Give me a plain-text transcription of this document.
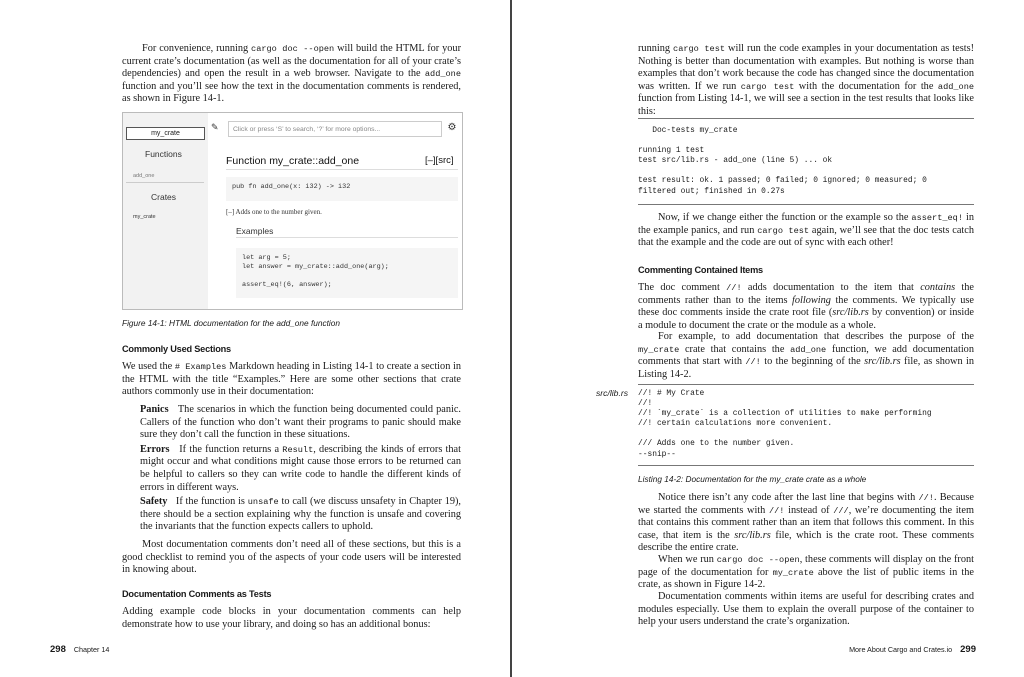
For convenience, running cargo doc --open will build the HTML for your current crate’s documentation (as well as the documentation for all of your crate’s dependencies) and open the result in a web browser. Navigate to the add_one function and you’ll see how the text in the documentation comments is rendered, as shown in Figure 14-1.

my_crate
Functions
add_one
Crates
my_crate
✎	Click or press ‘S’ to search, ‘?’ for more options...	⚙
Function my_crate::add_one	[–][src]
pub fn add_one(x: i32) -> i32
[–] Adds one to the number given.
Examples
let arg = 5;
let answer = my_crate::add_one(arg);

assert_eq!(6, answer);
Figure 14-1: HTML documentation for the add_one function
Commonly Used Sections

We used the # Examples Markdown heading in Listing 14-1 to create a section in the HTML with the title “Examples.” Here are some other sections that crate authors commonly use in their documentation:

Panics The scenarios in which the function being documented could panic. Callers of the function who don’t want their programs to panic should make sure they don’t call the function in these situations.

Errors If the function returns a Result, describing the kinds of errors that might occur and what conditions might cause those errors to be returned can be helpful to callers so they can write code to handle the different kinds of errors in different ways.

Safety If the function is unsafe to call (we discuss unsafety in Chapter 19), there should be a section explaining why the function is unsafe and covering the invariants that the function expects callers to uphold.

Most documentation comments don’t need all of these sections, but this is a good checklist to remind you of the aspects of your code users will be interested in knowing about.

Documentation Comments as Tests

Adding example code blocks in your documentation comments can help demonstrate how to use your library, and doing so has an additional bonus:

298 Chapter 14

running cargo test will run the code examples in your documentation as tests! Nothing is better than documentation with examples. But nothing is worse than examples that don’t work because the code has changed since the documentation was written. If we run cargo test with the documentation for the add_one function from Listing 14-1, we will see a section in the test results that looks like this:

Doc-tests my_crate

running 1 test
test src/lib.rs - add_one (line 5) ... ok

test result: ok. 1 passed; 0 failed; 0 ignored; 0 measured; 0
filtered out; finished in 0.27s

Now, if we change either the function or the example so the assert_eq! in the example panics, and run cargo test again, we’ll see that the doc tests catch that the example and the code are out of sync with each other!

Commenting Contained Items

The doc comment //! adds documentation to the item that contains the comments rather than to the items following the comments. We typically use these doc comments inside the crate root file (src/lib.rs by convention) or inside a module to document the crate or the module as a whole.

For example, to add documentation that describes the purpose of the my_crate crate that contains the add_one function, we add documentation comments that start with //! to the beginning of the src/lib.rs file, as shown in Listing 14-2.

src/lib.rs //! # My Crate
//!
//! `my_crate` is a collection of utilities to make performing
//! certain calculations more convenient.

/// Adds one to the number given.
--snip--
Listing 14-2: Documentation for the my_crate crate as a whole

Notice there isn’t any code after the last line that begins with //!. Because we started the comments with //! instead of ///, we’re documenting the item that contains this comment rather than an item that follows this comment. In this case, that item is the src/lib.rs file, which is the crate root. These comments describe the entire crate.

When we run cargo doc --open, these comments will display on the front page of the documentation for my_crate above the list of public items in the crate, as shown in Figure 14-2.

Documentation comments within items are useful for describing crates and modules especially. Use them to explain the overall purpose of the container to help your users understand the crate’s organization.

More About Cargo and Crates.io 299
